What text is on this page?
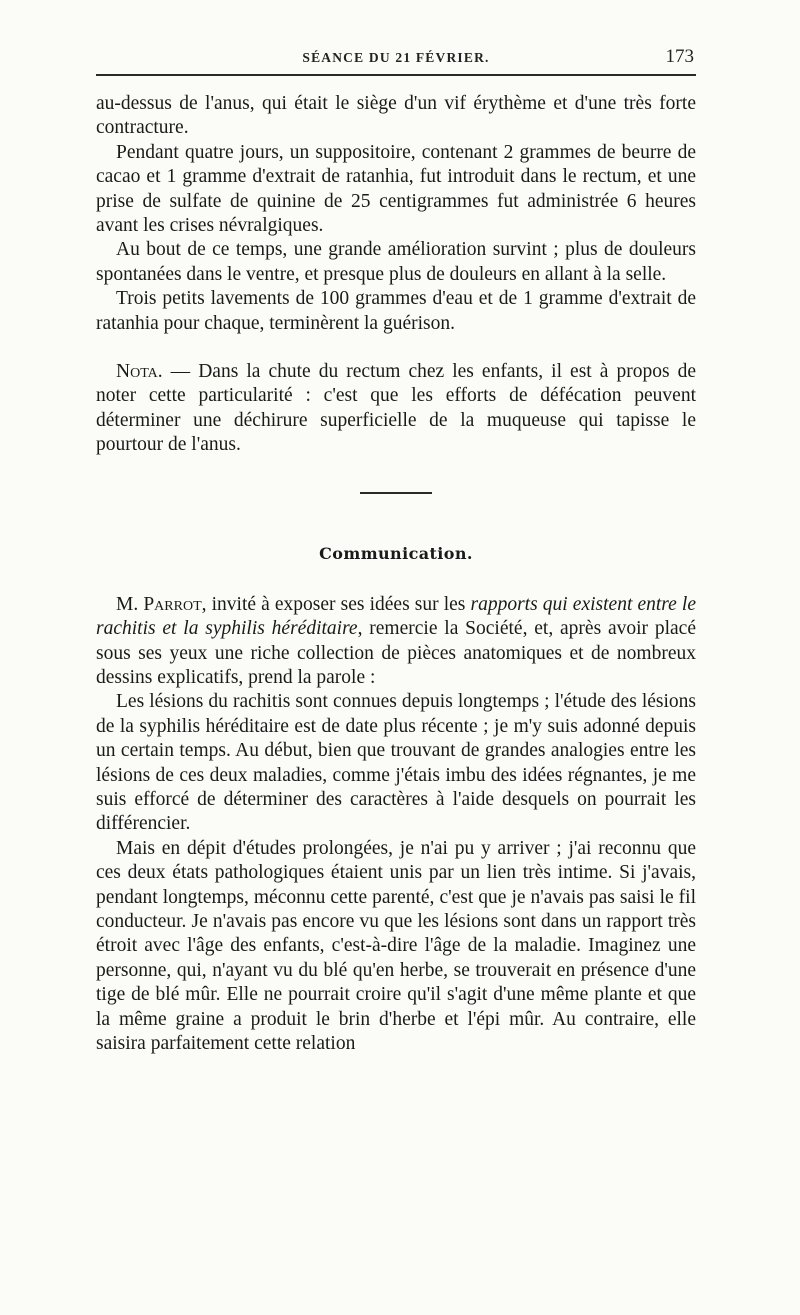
SÉANCE DU 21 FÉVRIER.	173

au-dessus de l'anus, qui était le siège d'un vif érythème et d'une très forte contracture.

Pendant quatre jours, un suppositoire, contenant 2 grammes de beurre de cacao et 1 gramme d'extrait de ratanhia, fut introduit dans le rectum, et une prise de sulfate de quinine de 25 centigrammes fut administrée 6 heures avant les crises névralgiques.

Au bout de ce temps, une grande amélioration survint ; plus de douleurs spontanées dans le ventre, et presque plus de douleurs en allant à la selle.

Trois petits lavements de 100 grammes d'eau et de 1 gramme d'extrait de ratanhia pour chaque, terminèrent la guérison.

Nota. — Dans la chute du rectum chez les enfants, il est à propos de noter cette particularité : c'est que les efforts de défécation peuvent déterminer une déchirure superficielle de la muqueuse qui tapisse le pourtour de l'anus.

Communication.

M. Parrot, invité à exposer ses idées sur les rapports qui existent entre le rachitis et la syphilis héréditaire, remercie la Société, et, après avoir placé sous ses yeux une riche collection de pièces anatomiques et de nombreux dessins explicatifs, prend la parole :

Les lésions du rachitis sont connues depuis longtemps ; l'étude des lésions de la syphilis héréditaire est de date plus récente ; je m'y suis adonné depuis un certain temps. Au début, bien que trouvant de grandes analogies entre les lésions de ces deux maladies, comme j'étais imbu des idées régnantes, je me suis efforcé de déterminer des caractères à l'aide desquels on pourrait les différencier.

Mais en dépit d'études prolongées, je n'ai pu y arriver ; j'ai reconnu que ces deux états pathologiques étaient unis par un lien très intime. Si j'avais, pendant longtemps, méconnu cette parenté, c'est que je n'avais pas saisi le fil conducteur. Je n'avais pas encore vu que les lésions sont dans un rapport très étroit avec l'âge des enfants, c'est-à-dire l'âge de la maladie. Imaginez une personne, qui, n'ayant vu du blé qu'en herbe, se trouverait en présence d'une tige de blé mûr. Elle ne pourrait croire qu'il s'agit d'une même plante et que la même graine a produit le brin d'herbe et l'épi mûr. Au contraire, elle saisira parfaitement cette relation
